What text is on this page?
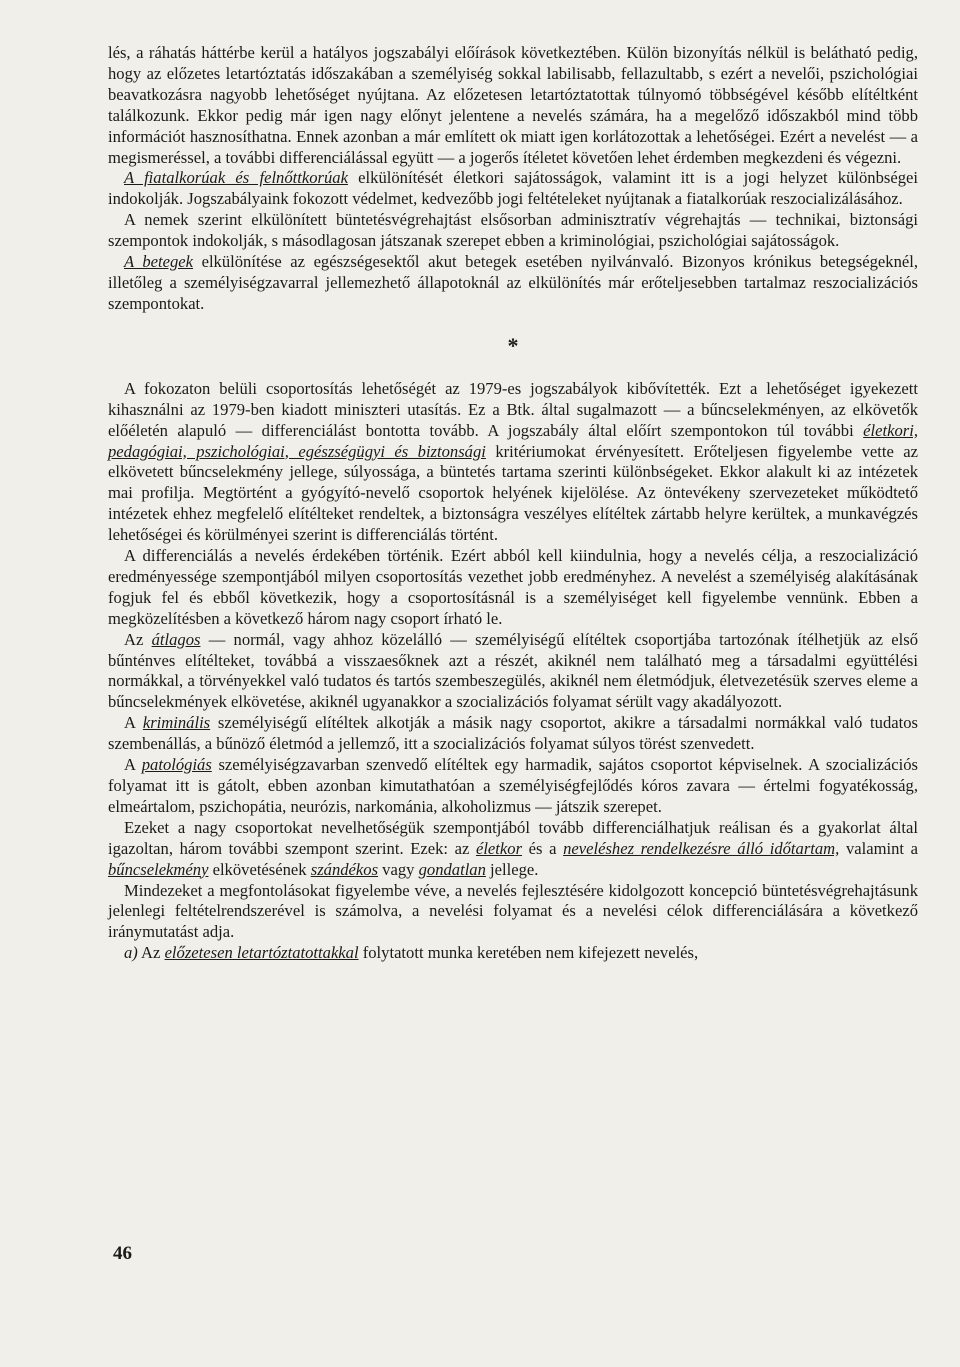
lés, a ráhatás háttérbe kerül a hatályos jogszabályi előírások következtében. Külön bizonyítás nélkül is belátható pedig, hogy az előzetes letartóztatás időszakában a személyiség sokkal labilisabb, fellazultabb, s ezért a nevelői, pszichológiai beavatkozásra nagyobb lehetőséget nyújtana. Az előzetesen letartóztatottak túlnyomó többségével később elítéltként találkozunk. Ekkor pedig már igen nagy előnyt jelentene a nevelés számára, ha a megelőző időszakból mind több információt hasznosíthatna. Ennek azonban a már említett ok miatt igen korlátozottak a lehetőségei. Ezért a nevelést — a megismeréssel, a további differenciálással együtt — a jogerős ítéletet követően lehet érdemben megkezdeni és végezni.

A fiatalkorúak és felnőttkorúak elkülönítését életkori sajátosságok, valamint itt is a jogi helyzet különbségei indokolják. Jogszabályaink fokozott védelmet, kedvezőbb jogi feltételeket nyújtanak a fiatalkorúak reszocializálásához.

A nemek szerint elkülönített büntetésvégrehajtást elsősorban adminisztratív végrehajtás — technikai, biztonsági szempontok indokolják, s másodlagosan játszanak szerepet ebben a kriminológiai, pszichológiai sajátosságok.

A betegek elkülönítése az egészségesektől akut betegek esetében nyilvánvaló. Bizonyos krónikus betegségeknél, illetőleg a személyiségzavarral jellemezhető állapotoknál az elkülönítés már erőteljesebben tartalmaz reszocializációs szempontokat.

*

A fokozaton belüli csoportosítás lehetőségét az 1979-es jogszabályok kibővítették. Ezt a lehetőséget igyekezett kihasználni az 1979-ben kiadott miniszteri utasítás. Ez a Btk. által sugalmazott — a bűncselekményen, az elkövetők előéletén alapuló — differenciálást bontotta tovább. A jogszabály által előírt szempontokon túl további életkori, pedagógiai, pszichológiai, egészségügyi és biztonsági kritériumokat érvényesített. Erőteljesen figyelembe vette az elkövetett bűncselekmény jellege, súlyossága, a büntetés tartama szerinti különbségeket. Ekkor alakult ki az intézetek mai profilja. Megtörtént a gyógyító-nevelő csoportok helyének kijelölése. Az öntevékeny szervezeteket működtető intézetek ehhez megfelelő elítélteket rendeltek, a biztonságra veszélyes elítéltek zártabb helyre kerültek, a munkavégzés lehetőségei és körülményei szerint is differenciálás történt.

A differenciálás a nevelés érdekében történik. Ezért abból kell kiindulnia, hogy a nevelés célja, a reszocializáció eredményessége szempontjából milyen csoportosítás vezethet jobb eredményhez. A nevelést a személyiség alakításának fogjuk fel és ebből következik, hogy a csoportosításnál is a személyiséget kell figyelembe vennünk. Ebben a megközelítésben a következő három nagy csoport írható le.

Az átlagos — normál, vagy ahhoz közelálló — személyiségű elítéltek csoportjába tartozónak ítélhetjük az első bűnténves elítélteket, továbbá a visszaesőknek azt a részét, akiknél nem található meg a társadalmi együttélési normákkal, a törvényekkel való tudatos és tartós szembeszegülés, akiknél nem életmódjuk, életvezetésük szerves eleme a bűncselekmények elkövetése, akiknél ugyanakkor a szocializációs folyamat sérült vagy akadályozott.

A kriminális személyiségű elítéltek alkotják a másik nagy csoportot, akikre a társadalmi normákkal való tudatos szembenállás, a bűnöző életmód a jellemző, itt a szocializációs folyamat súlyos törést szenvedett.

A patológiás személyiségzavarban szenvedő elítéltek egy harmadik, sajátos csoportot képviselnek. A szocializációs folyamat itt is gátolt, ebben azonban kimutathatóan a személyiségfejlődés kóros zavara — értelmi fogyatékosság, elmeártalom, pszichopátia, neurózis, narkománia, alkoholizmus — játszik szerepet.

Ezeket a nagy csoportokat nevelhetőségük szempontjából tovább differenciálhatjuk reálisan és a gyakorlat által igazoltan, három további szempont szerint. Ezek: az életkor és a neveléshez rendelkezésre álló időtartam, valamint a bűncselekmény elkövetésének szándékos vagy gondatlan jellege.

Mindezeket a megfontolásokat figyelembe véve, a nevelés fejlesztésére kidolgozott koncepció büntetésvégrehajtásunk jelenlegi feltételrendszerével is számolva, a nevelési folyamat és a nevelési célok differenciálására a következő iránymutatást adja.

a) Az előzetesen letartóztatottakkal folytatott munka keretében nem kifejezett nevelés,

46
